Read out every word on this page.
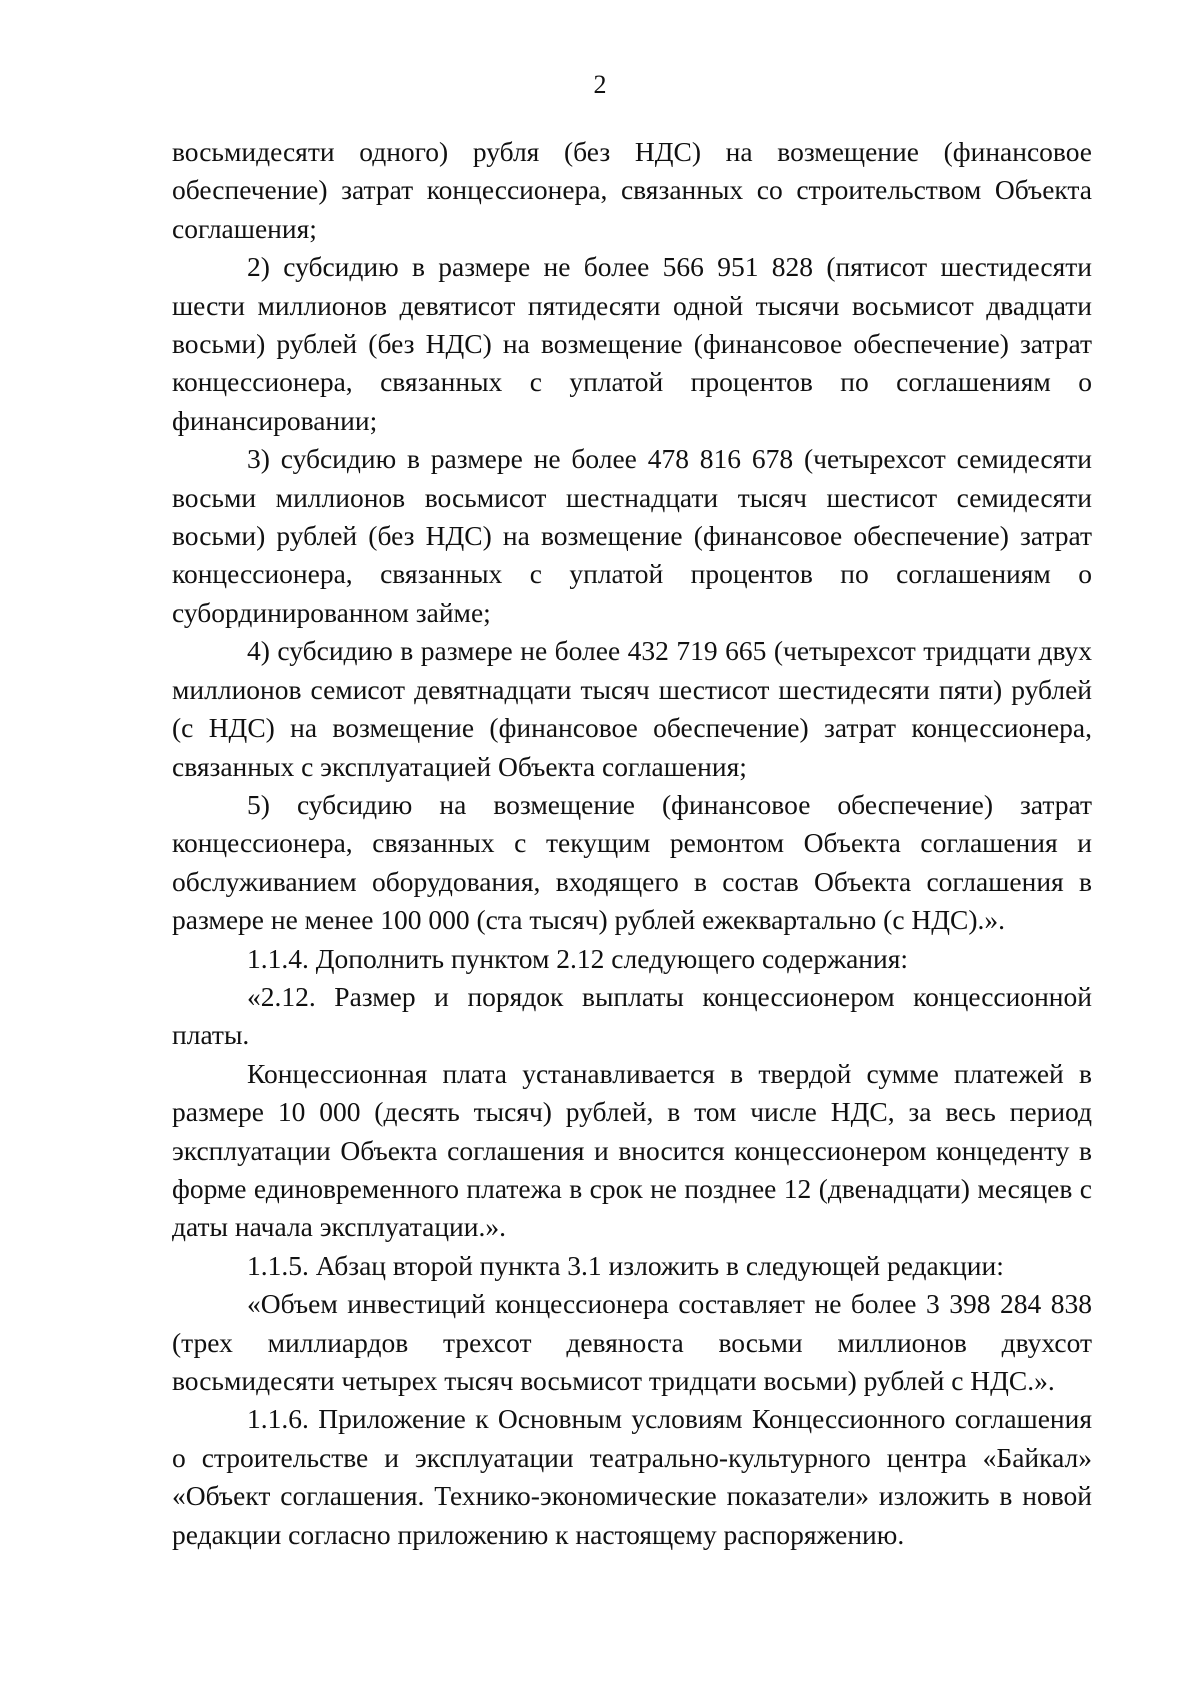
2

восьмидесяти одного) рубля (без НДС) на возмещение (финансовое обеспечение) затрат концессионера, связанных со строительством Объекта соглашения;

2) субсидию в размере не более 566 951 828 (пятисот шестидесяти шести миллионов девятисот пятидесяти одной тысячи восьмисот двадцати восьми) рублей (без НДС) на возмещение (финансовое обеспечение) затрат концессионера, связанных с уплатой процентов по соглашениям о финансировании;

3) субсидию в размере не более 478 816 678 (четырехсот семидесяти восьми миллионов восьмисот шестнадцати тысяч шестисот семидесяти восьми) рублей (без НДС) на возмещение (финансовое обеспечение) затрат концессионера, связанных с уплатой процентов по соглашениям о субординированном займе;

4) субсидию в размере не более 432 719 665 (четырехсот тридцати двух миллионов семисот девятнадцати тысяч шестисот шестидесяти пяти) рублей (с НДС) на возмещение (финансовое обеспечение) затрат концессионера, связанных с эксплуатацией Объекта соглашения;

5) субсидию на возмещение (финансовое обеспечение) затрат концессионера, связанных с текущим ремонтом Объекта соглашения и обслуживанием оборудования, входящего в состав Объекта соглашения в размере не менее 100 000 (ста тысяч) рублей ежеквартально (с НДС).».

1.1.4. Дополнить пунктом 2.12 следующего содержания:

«2.12. Размер и порядок выплаты концессионером концессионной платы.

Концессионная плата устанавливается в твердой сумме платежей в размере 10 000 (десять тысяч) рублей, в том числе НДС, за весь период эксплуатации Объекта соглашения и вносится концессионером концеденту в форме единовременного платежа в срок не позднее 12 (двенадцати) месяцев с даты начала эксплуатации.».

1.1.5. Абзац второй пункта 3.1 изложить в следующей редакции:

«Объем инвестиций концессионера составляет не более 3 398 284 838 (трех миллиардов трехсот девяноста восьми миллионов двухсот восьмидесяти четырех тысяч восьмисот тридцати восьми) рублей с НДС.».

1.1.6. Приложение к Основным условиям Концессионного соглашения о строительстве и эксплуатации театрально-культурного центра «Байкал» «Объект соглашения. Технико-экономические показатели» изложить в новой редакции согласно приложению к настоящему распоряжению.
